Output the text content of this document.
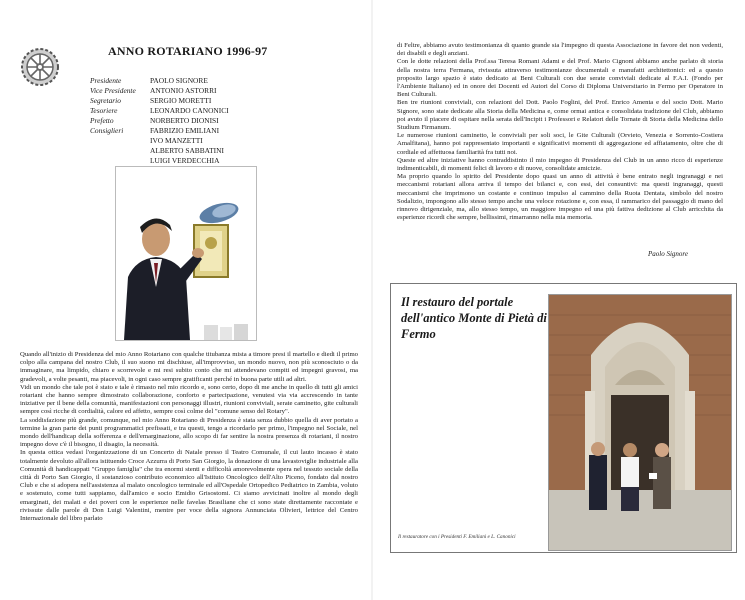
ANNO ROTARIANO 1996-97
Presidente	PAOLO SIGNORE
Vice Presidente	ANTONIO ASTORRI
Segretario	SERGIO MORETTI
Tesoriere	LEONARDO CANONICI
Prefetto	NORBERTO DIONISI
Consiglieri	FABRIZIO EMILIANI
IVO MANZETTI
ALBERTO SABBATINI
LUIGI VERDECCHIA

Quando all'inizio di Presidenza del mio Anno Rotariano con qualche titubanza mista a timore presi il martello e diedi il primo colpo alla campana del nostro Club, il suo suono mi dischiuse, all'improvviso, un mondo nuovo, non più sconosciuto o da immaginare, ma limpido, chiaro e scorrevole e mi resi subito conto che mi attendevano compiti ed impegni gravosi, ma gradevoli, a volte pesanti, ma piacevoli, in ogni caso sempre gratificanti perché in buona parte utili ad altri.

Vidi un mondo che tale poi è stato e tale è rimasto nel mio ricordo e, sono certo, dopo di me anche in quello di tutti gli amici rotariani che hanno sempre dimostrato collaborazione, conforto e partecipazione, venutesi via via accrescendo in tante iniziative per il bene della comunità, manifestazioni con personaggi illustri, riunioni conviviali, serate caminetto, gite culturali sempre così ricche di cordialità, calore ed affetto, sempre così colme del "comune senso del Rotary".

La soddisfazione più grande, comunque, nel mio Anno Rotariano di Presidenza è stata senza dubbio quella di aver portato a termine la gran parte dei punti programmatici prefissati, e tra questi, tengo a ricordarlo per primo, l'impegno nel Sociale, nel mondo dell'handicap della sofferenza e dell'emarginazione, allo scopo di far sentire la nostra presenza di rotariani, il nostro impegno dove c'è il bisogno, il disagio, la necessità.

In questa ottica vedasi l'organizzazione di un Concerto di Natale presso il Teatro Comunale, il cui lauto incasso è stato totalmente devoluto all'allora istituendo Croce Azzurra di Porto San Giorgio, la donazione di una lavastoviglie industriale alla Comunità di handicappati "Gruppo famiglia" che tra enormi stenti e difficoltà amorevolmente opera nel tessuto sociale della città di Porto San Giorgio, il sostanzioso contributo economico all'Istituto Oncologico dell'Alto Piceno, fondato dal nostro Club e che si adopera nell'assistenza al malato oncologico terminale ed all'Ospedale Ortopedico Pediatrico in Zambia, voluto e sostenuto, come tutti sappiamo, dall'amico e socio Emidio Grisostomi. Ci siamo avvicinati inoltre al mondo degli emarginati, dei malati e dei poveri con le esperienze nelle favelas Brasiliane che ci sono state direttamente raccontate e rivissute dalle parole di Don Luigi Valentini, mentre per voce della signora Annunciata Olivieri, lettrice del Centro Internazionale del libro parlato

di Feltre, abbiamo avuto testimonianza di quanto grande sia l'impegno di questa Associazione in favore dei non vedenti, dei disabili e degli anziani.

Con le dotte relazioni della Prof.ssa Teresa Romani Adami e del Prof. Mario Cignoni abbiamo anche parlato di storia della nostra terra Fermana, rivissuta attraverso testimonianze documentali e manufatti architettonici: ed a questo proposito largo spazio è stato dedicato ai Beni Culturali con due serate conviviali dedicate al F.A.I. (Fondo per l'Ambiente Italiano) ed in onore dei Docenti ed Autori del Corso di Diploma Universitario in Fermo per Operatore in Beni Culturali.

Ben tre riunioni conviviali, con relazioni del Dott. Paolo Foglini, del Prof. Enrico Amenta e del socio Dott. Mario Signore, sono state dedicate alla Storia della Medicina e, come ormai antica e consolidata tradizione del Club, abbiamo poi avuto il piacere di ospitare nella serata dell'Incipit i Professori e Relatori delle Tornate di Storia della Medicina dello Studium Firmanum.

Le numerose riunioni caminetto, le conviviali per soli soci, le Gite Culturali (Orvieto, Venezia e Sorrento-Costiera Amalfitana), hanno poi rappresentato importanti e significativi momenti di aggregazione ed affiatamento, oltre che di cordiale ed affettuosa familiarità fra tutti noi.

Queste ed altre iniziative hanno contraddistinto il mio impegno di Presidenza del Club in un anno ricco di esperienze indimenticabili, di momenti felici di lavoro e di nuove, consolidate amicizie.

Ma proprio quando lo spirito del Presidente dopo quasi un anno di attività è bene entrato negli ingranaggi e nei meccanismi rotariani allora arriva il tempo dei bilanci e, con essi, dei consuntivi: ma questi ingranaggi, questi meccanismi che imprimono un costante e continuo impulso al cammino della Ruota Dentata, simbolo del nostro Sodalizio, impongono allo stesso tempo anche una veloce rotazione e, con essa, il rammarico del passaggio di mano del rinnovo dirigenziale, ma, allo stesso tempo, un maggiore impegno ed una più fattiva dedizione al Club arricchita da esperienze ricordi che sempre, bellissimi, rimarranno nella mia memoria.

Paolo Signore
Il restauro del portale dell'antico Monte di Pietà di Fermo
Il restauratore con i Presidenti F. Emiliani e L. Canonici
